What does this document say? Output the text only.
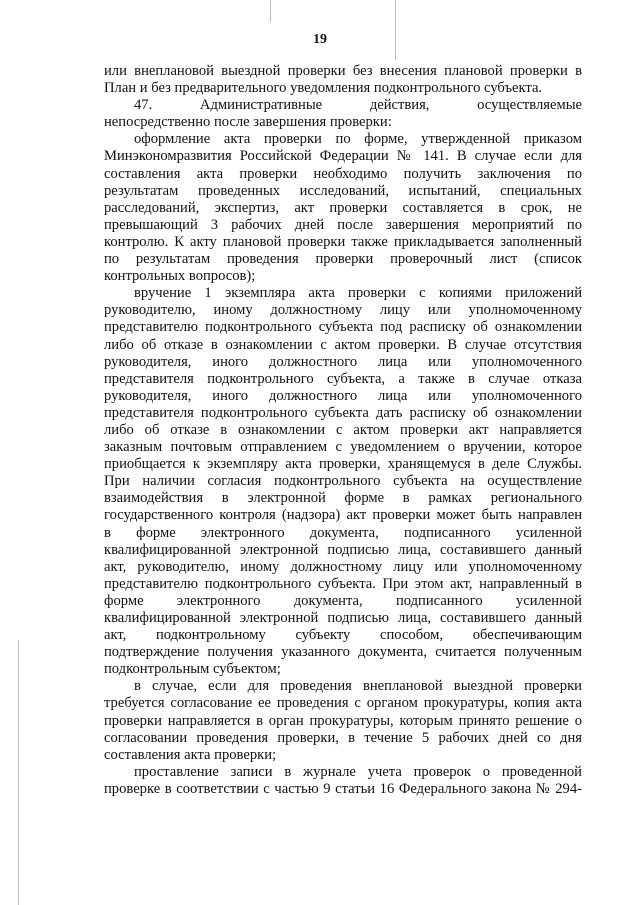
19
или внеплановой выездной проверки без внесения плановой проверки в
План и без предварительного уведомления подконтрольного субъекта.
47. Административные действия, осуществляемые
непосредственно после завершения проверки:
оформление акта проверки по форме, утвержденной приказом
Минэкономразвития Российской Федерации № 141. В случае если для
составления акта проверки необходимо получить заключения по
результатам проведенных исследований, испытаний, специальных
расследований, экспертиз, акт проверки составляется в срок, не
превышающий 3 рабочих дней после завершения мероприятий по
контролю. К акту плановой проверки также прикладывается заполненный
по результатам проведения проверки проверочный лист (список
контрольных вопросов);
вручение 1 экземпляра акта проверки с копиями приложений
руководителю, иному должностному лицу или уполномоченному
представителю подконтрольного субъекта под расписку об ознакомлении
либо об отказе в ознакомлении с актом проверки. В случае отсутствия
руководителя, иного должностного лица или уполномоченного
представителя подконтрольного субъекта, а также в случае отказа
руководителя, иного должностного лица или уполномоченного
представителя подконтрольного субъекта дать расписку об ознакомлении
либо об отказе в ознакомлении с актом проверки акт направляется
заказным почтовым отправлением с уведомлением о вручении, которое
приобщается к экземпляру акта проверки, хранящемуся в деле Службы.
При наличии согласия подконтрольного субъекта на осуществление
взаимодействия в электронной форме в рамках регионального
государственного контроля (надзора) акт проверки может быть направлен
в форме электронного документа, подписанного усиленной
квалифицированной электронной подписью лица, составившего данный
акт, руководителю, иному должностному лицу или уполномоченному
представителю подконтрольного субъекта. При этом акт, направленный в
форме электронного документа, подписанного усиленной
квалифицированной электронной подписью лица, составившего данный
акт, подконтрольному субъекту способом, обеспечивающим
подтверждение получения указанного документа, считается полученным
подконтрольным субъектом;
в случае, если для проведения внеплановой выездной проверки
требуется согласование ее проведения с органом прокуратуры, копия акта
проверки направляется в орган прокуратуры, которым принято решение о
согласовании проведения проверки, в течение 5 рабочих дней со дня
составления акта проверки;
проставление записи в журнале учета проверок о проведенной
проверке в соответствии с частью 9 статьи 16 Федерального закона № 294-
